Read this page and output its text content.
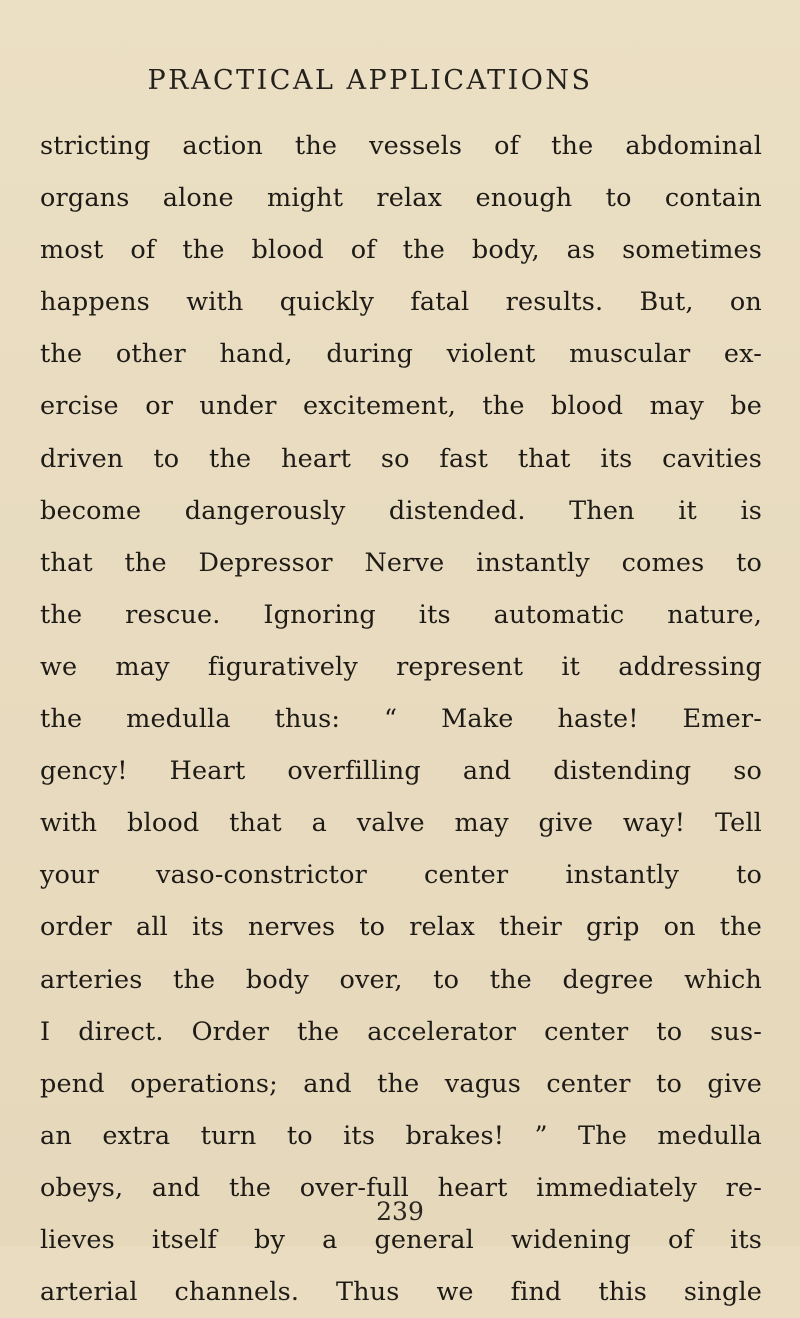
PRACTICAL APPLICATIONS
stricting action the vessels of the abdominal
organs alone might relax enough to contain
most of the blood of the body, as sometimes
happens with quickly fatal results. But, on
the other hand, during violent muscular ex-
ercise or under excitement, the blood may be
driven to the heart so fast that its cavities
become dangerously distended. Then it is
that the Depressor Nerve instantly comes to
the rescue. Ignoring its automatic nature,
we may figuratively represent it addressing
the medulla thus: “ Make haste! Emer-
gency! Heart overfilling and distending so
with blood that a valve may give way! Tell
your vaso-constrictor center instantly to
order all its nerves to relax their grip on the
arteries the body over, to the degree which
I direct. Order the accelerator center to sus-
pend operations; and the vagus center to give
an extra turn to its brakes! ” The medulla
obeys, and the over-full heart immediately re-
lieves itself by a general widening of its
arterial channels. Thus we find this single
239
